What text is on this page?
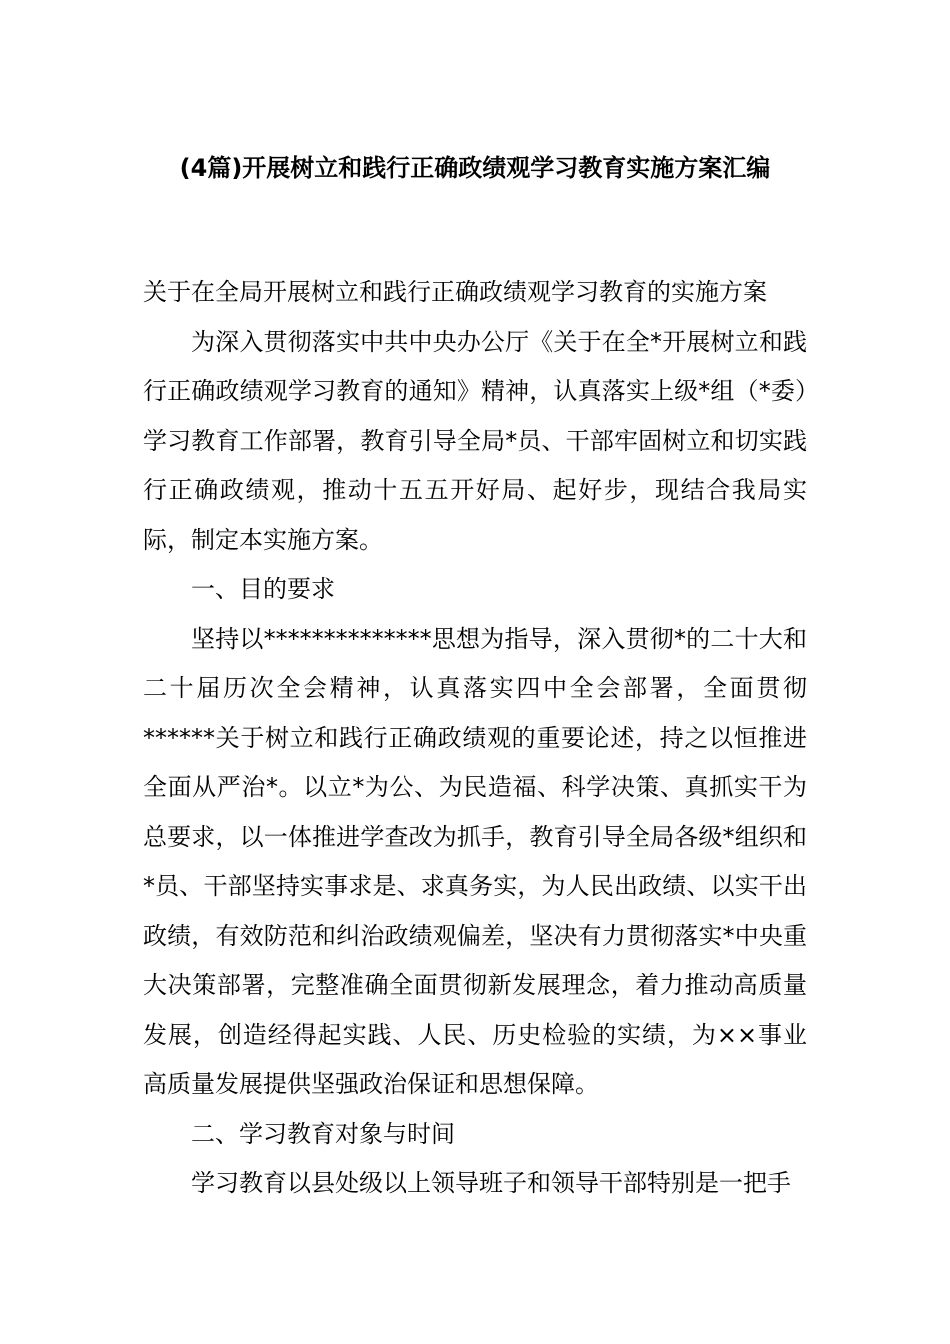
(4篇)开展树立和践行正确政绩观学习教育实施方案汇编

关于在全局开展树立和践行正确政绩观学习教育的实施方案

为深入贯彻落实中共中央办公厅《关于在全*开展树立和践行正确政绩观学习教育的通知》精神，认真落实上级*组（*委）学习教育工作部署，教育引导全局*员、干部牢固树立和切实践行正确政绩观，推动十五五开好局、起好步，现结合我局实际，制定本实施方案。

一、目的要求

坚持以**************思想为指导，深入贯彻*的二十大和二十届历次全会精神，认真落实四中全会部署，全面贯彻******关于树立和践行正确政绩观的重要论述，持之以恒推进全面从严治*。以立*为公、为民造福、科学决策、真抓实干为总要求，以一体推进学查改为抓手，教育引导全局各级*组织和*员、干部坚持实事求是、求真务实，为人民出政绩、以实干出政绩，有效防范和纠治政绩观偏差，坚决有力贯彻落实*中央重大决策部署，完整准确全面贯彻新发展理念，着力推动高质量发展，创造经得起实践、人民、历史检验的实绩，为××事业高质量发展提供坚强政治保证和思想保障。

二、学习教育对象与时间

学习教育以县处级以上领导班子和领导干部特别是一把手
